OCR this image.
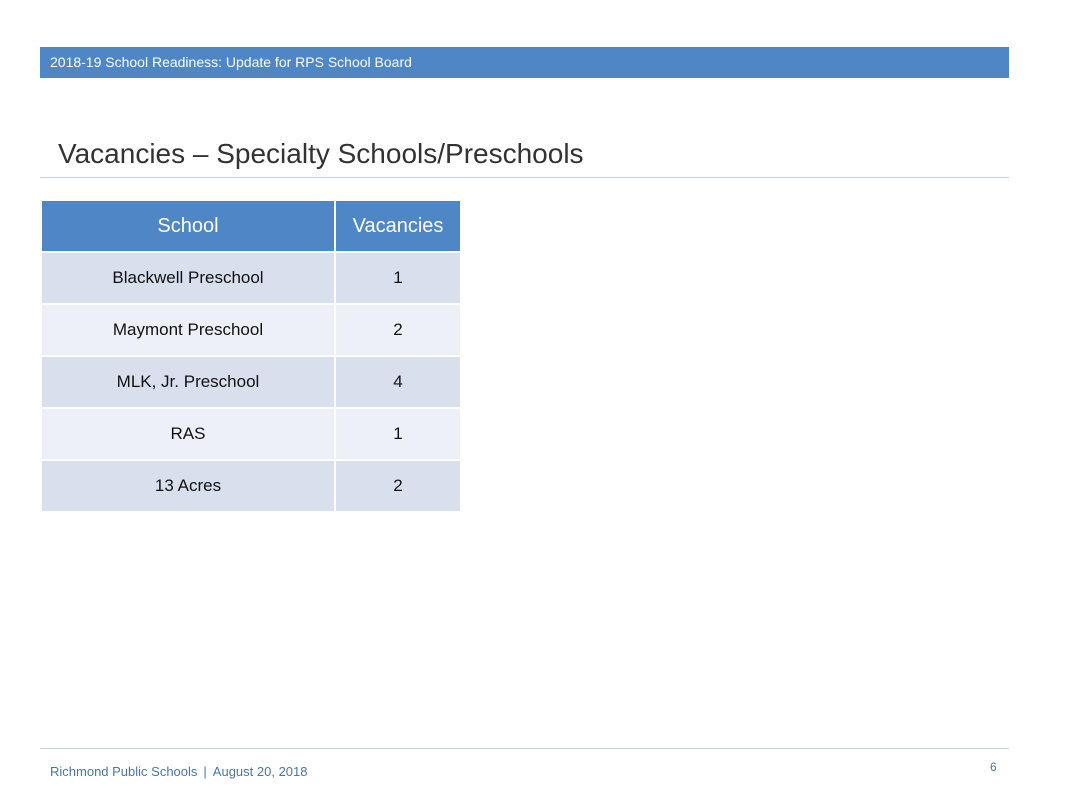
2018-19 School Readiness: Update for RPS School Board
Vacancies – Specialty Schools/Preschools
School	Vacancies
Blackwell Preschool	1
Maymont Preschool	2
MLK, Jr. Preschool	4
RAS	1
13 Acres	2
Richmond Public Schools | August 20, 2018	6
